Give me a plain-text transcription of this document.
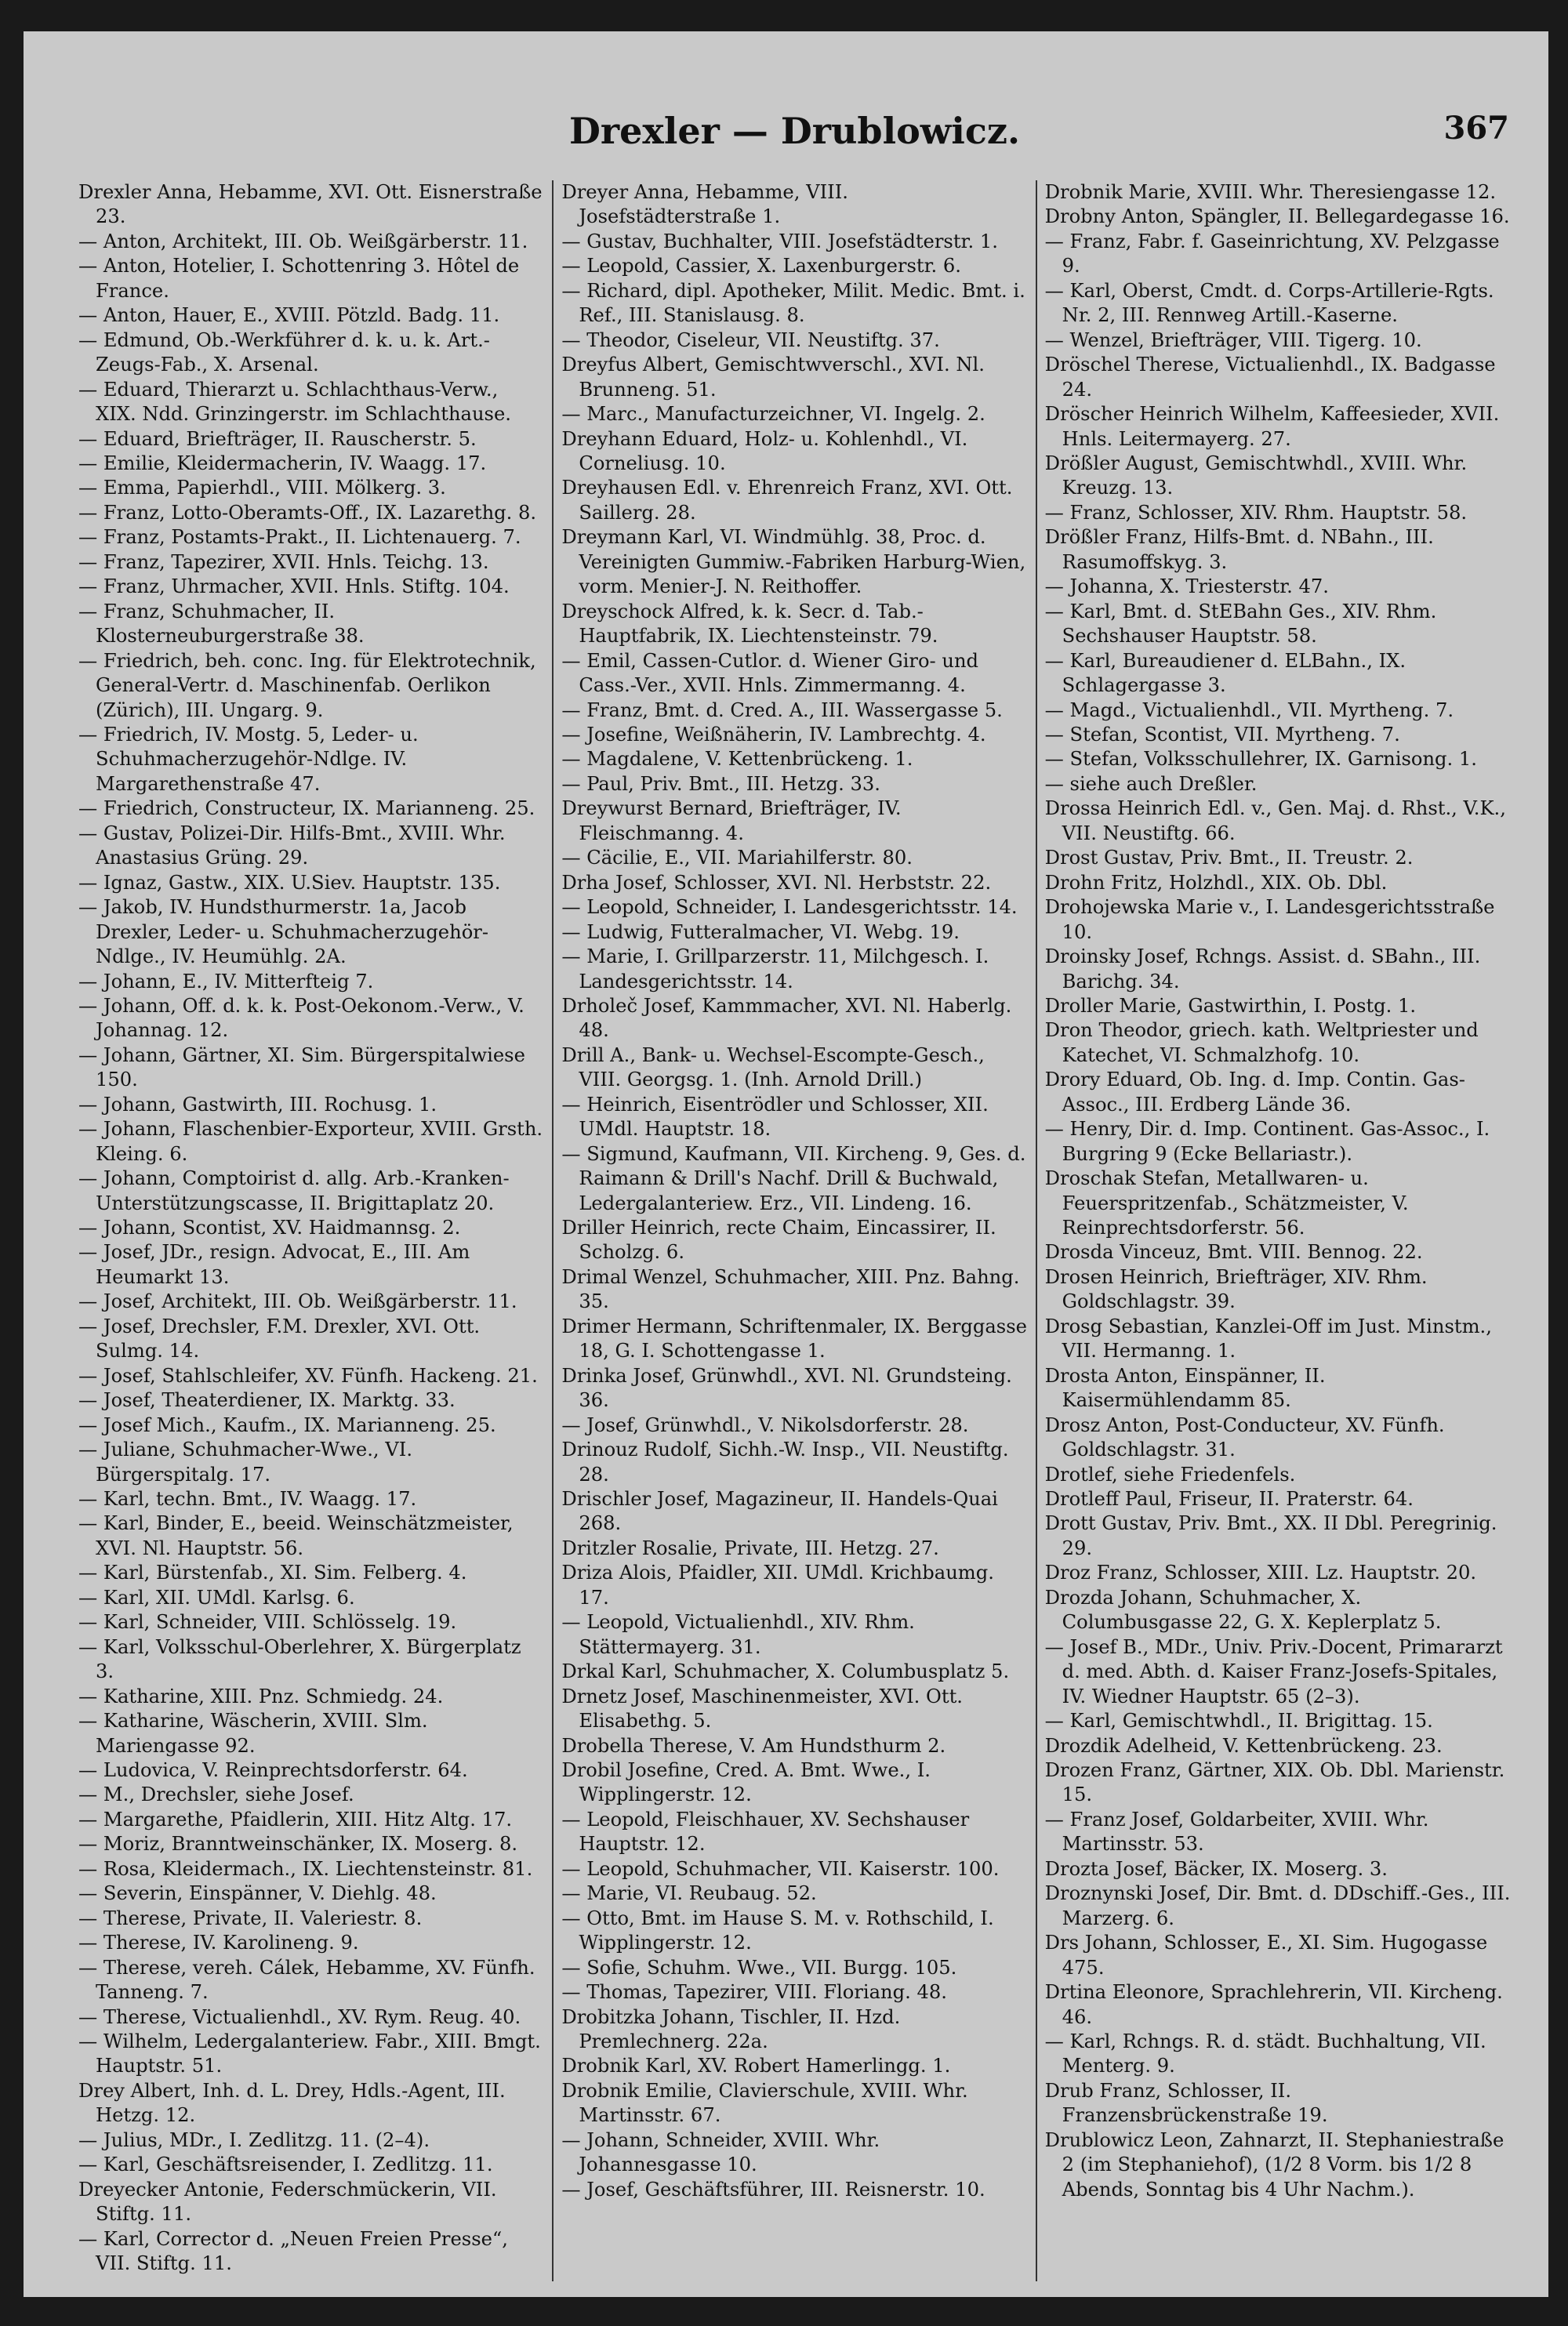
Drexler — Drublowicz.	367

Drexler Anna, Hebamme, XVI. Ott. Eisnerstraße 23.

— Anton, Architekt, III. Ob. Weißgärberstr. 11.

— Anton, Hotelier, I. Schottenring 3. Hôtel de France.

— Anton, Hauer, E., XVIII. Pötzld. Badg. 11.

— Edmund, Ob.-Werkführer d. k. u. k. Art.-Zeugs-Fab., X. Arsenal.

— Eduard, Thierarzt u. Schlachthaus-Verw., XIX. Ndd. Grinzingerstr. im Schlachthause.

— Eduard, Briefträger, II. Rauscherstr. 5.

— Emilie, Kleidermacherin, IV. Waagg. 17.

— Emma, Papierhdl., VIII. Mölkerg. 3.

— Franz, Lotto-Oberamts-Off., IX. Lazarethg. 8.

— Franz, Postamts-Prakt., II. Lichtenauerg. 7.

— Franz, Tapezirer, XVII. Hnls. Teichg. 13.

— Franz, Uhrmacher, XVII. Hnls. Stiftg. 104.

— Franz, Schuhmacher, II. Klosterneuburgerstraße 38.

— Friedrich, beh. conc. Ing. für Elektrotechnik, General-Vertr. d. Maschinenfab. Oerlikon (Zürich), III. Ungarg. 9.

— Friedrich, IV. Mostg. 5, Leder- u. Schuhmacherzugehör-Ndlge. IV. Margarethenstraße 47.

— Friedrich, Constructeur, IX. Marianneng. 25.

— Gustav, Polizei-Dir. Hilfs-Bmt., XVIII. Whr. Anastasius Grüng. 29.

— Ignaz, Gastw., XIX. U.Siev. Hauptstr. 135.

— Jakob, IV. Hundsthurmerstr. 1a, Jacob Drexler, Leder- u. Schuhmacherzugehör-Ndlge., IV. Heumühlg. 2A.

— Johann, E., IV. Mitterfteig 7.

— Johann, Off. d. k. k. Post-Oekonom.-Verw., V. Johannag. 12.

— Johann, Gärtner, XI. Sim. Bürgerspitalwiese 150.

— Johann, Gastwirth, III. Rochusg. 1.

— Johann, Flaschenbier-Exporteur, XVIII. Grsth. Kleing. 6.

— Johann, Comptoirist d. allg. Arb.-Kranken-Unterstützungscasse, II. Brigittaplatz 20.

— Johann, Scontist, XV. Haidmannsg. 2.

— Josef, JDr., resign. Advocat, E., III. Am Heumarkt 13.

— Josef, Architekt, III. Ob. Weißgärberstr. 11.

— Josef, Drechsler, F.M. Drexler, XVI. Ott. Sulmg. 14.

— Josef, Stahlschleifer, XV. Fünfh. Hackeng. 21.

— Josef, Theaterdiener, IX. Marktg. 33.

— Josef Mich., Kaufm., IX. Marianneng. 25.

— Juliane, Schuhmacher-Wwe., VI. Bürgerspitalg. 17.

— Karl, techn. Bmt., IV. Waagg. 17.

— Karl, Binder, E., beeid. Weinschätzmeister, XVI. Nl. Hauptstr. 56.

— Karl, Bürstenfab., XI. Sim. Felberg. 4.

— Karl, XII. UMdl. Karlsg. 6.

— Karl, Schneider, VIII. Schlösselg. 19.

— Karl, Volksschul-Oberlehrer, X. Bürgerplatz 3.

— Katharine, XIII. Pnz. Schmiedg. 24.

— Katharine, Wäscherin, XVIII. Slm. Mariengasse 92.

— Ludovica, V. Reinprechtsdorferstr. 64.

— M., Drechsler, siehe Josef.

— Margarethe, Pfaidlerin, XIII. Hitz Altg. 17.

— Moriz, Branntweinschänker, IX. Moserg. 8.

— Rosa, Kleidermach., IX. Liechtensteinstr. 81.

— Severin, Einspänner, V. Diehlg. 48.

— Therese, Private, II. Valeriestr. 8.

— Therese, IV. Karolineng. 9.

— Therese, vereh. Cálek, Hebamme, XV. Fünfh. Tanneng. 7.

— Therese, Victualienhdl., XV. Rym. Reug. 40.

— Wilhelm, Ledergalanteriew. Fabr., XIII. Bmgt. Hauptstr. 51.

Drey Albert, Inh. d. L. Drey, Hdls.-Agent, III. Hetzg. 12.

— Julius, MDr., I. Zedlitzg. 11. (2–4).

— Karl, Geschäftsreisender, I. Zedlitzg. 11.

Dreyecker Antonie, Federschmückerin, VII. Stiftg. 11.

— Karl, Corrector d. „Neuen Freien Presse“, VII. Stiftg. 11.

Dreyer Anna, Hebamme, VIII. Josefstädterstraße 1.

— Gustav, Buchhalter, VIII. Josefstädterstr. 1.

— Leopold, Cassier, X. Laxenburgerstr. 6.

— Richard, dipl. Apotheker, Milit. Medic. Bmt. i. Ref., III. Stanislausg. 8.

— Theodor, Ciseleur, VII. Neustiftg. 37.

Dreyfus Albert, Gemischtwverschl., XVI. Nl. Brunneng. 51.

— Marc., Manufacturzeichner, VI. Ingelg. 2.

Dreyhann Eduard, Holz- u. Kohlenhdl., VI. Corneliusg. 10.

Dreyhausen Edl. v. Ehrenreich Franz, XVI. Ott. Saillerg. 28.

Dreymann Karl, VI. Windmühlg. 38, Proc. d. Vereinigten Gummiw.-Fabriken Harburg-Wien, vorm. Menier-J. N. Reithoffer.

Dreyschock Alfred, k. k. Secr. d. Tab.-Hauptfabrik, IX. Liechtensteinstr. 79.

— Emil, Cassen-Cutlor. d. Wiener Giro- und Cass.-Ver., XVII. Hnls. Zimmermanng. 4.

— Franz, Bmt. d. Cred. A., III. Wassergasse 5.

— Josefine, Weißnäherin, IV. Lambrechtg. 4.

— Magdalene, V. Kettenbrückeng. 1.

— Paul, Priv. Bmt., III. Hetzg. 33.

Dreywurst Bernard, Briefträger, IV. Fleischmanng. 4.

— Cäcilie, E., VII. Mariahilferstr. 80.

Drha Josef, Schlosser, XVI. Nl. Herbststr. 22.

— Leopold, Schneider, I. Landesgerichtsstr. 14.

— Ludwig, Futteralmacher, VI. Webg. 19.

— Marie, I. Grillparzerstr. 11, Milchgesch. I. Landesgerichtsstr. 14.

Drholeč Josef, Kammmacher, XVI. Nl. Haberlg. 48.

Drill A., Bank- u. Wechsel-Escompte-Gesch., VIII. Georgsg. 1. (Inh. Arnold Drill.)

— Heinrich, Eisentrödler und Schlosser, XII. UMdl. Hauptstr. 18.

— Sigmund, Kaufmann, VII. Kircheng. 9, Ges. d. Raimann & Drill's Nachf. Drill & Buchwald, Ledergalanteriew. Erz., VII. Lindeng. 16.

Driller Heinrich, recte Chaim, Eincassirer, II. Scholzg. 6.

Drimal Wenzel, Schuhmacher, XIII. Pnz. Bahng. 35.

Drimer Hermann, Schriftenmaler, IX. Berggasse 18, G. I. Schottengasse 1.

Drinka Josef, Grünwhdl., XVI. Nl. Grundsteing. 36.

— Josef, Grünwhdl., V. Nikolsdorferstr. 28.

Drinouz Rudolf, Sichh.-W. Insp., VII. Neustiftg. 28.

Drischler Josef, Magazineur, II. Handels-Quai 268.

Dritzler Rosalie, Private, III. Hetzg. 27.

Driza Alois, Pfaidler, XII. UMdl. Krichbaumg. 17.

— Leopold, Victualienhdl., XIV. Rhm. Stättermayerg. 31.

Drkal Karl, Schuhmacher, X. Columbusplatz 5.

Drnetz Josef, Maschinenmeister, XVI. Ott. Elisabethg. 5.

Drobella Therese, V. Am Hundsthurm 2.

Drobil Josefine, Cred. A. Bmt. Wwe., I. Wipplingerstr. 12.

— Leopold, Fleischhauer, XV. Sechshauser Hauptstr. 12.

— Leopold, Schuhmacher, VII. Kaiserstr. 100.

— Marie, VI. Reubaug. 52.

— Otto, Bmt. im Hause S. M. v. Rothschild, I. Wipplingerstr. 12.

— Sofie, Schuhm. Wwe., VII. Burgg. 105.

— Thomas, Tapezirer, VIII. Floriang. 48.

Drobitzka Johann, Tischler, II. Hzd. Premlechnerg. 22a.

Drobnik Karl, XV. Robert Hamerlingg. 1.

Drobnik Emilie, Clavierschule, XVIII. Whr. Martinsstr. 67.

— Johann, Schneider, XVIII. Whr. Johannesgasse 10.

— Josef, Geschäftsführer, III. Reisnerstr. 10.

Drobnik Marie, XVIII. Whr. Theresiengasse 12.

Drobny Anton, Spängler, II. Bellegardegasse 16.

— Franz, Fabr. f. Gaseinrichtung, XV. Pelzgasse 9.

— Karl, Oberst, Cmdt. d. Corps-Artillerie-Rgts. Nr. 2, III. Rennweg Artill.-Kaserne.

— Wenzel, Briefträger, VIII. Tigerg. 10.

Dröschel Therese, Victualienhdl., IX. Badgasse 24.

Dröscher Heinrich Wilhelm, Kaffeesieder, XVII. Hnls. Leitermayerg. 27.

Drößler August, Gemischtwhdl., XVIII. Whr. Kreuzg. 13.

— Franz, Schlosser, XIV. Rhm. Hauptstr. 58.

Drößler Franz, Hilfs-Bmt. d. NBahn., III. Rasumoffskyg. 3.

— Johanna, X. Triesterstr. 47.

— Karl, Bmt. d. StEBahn Ges., XIV. Rhm. Sechshauser Hauptstr. 58.

— Karl, Bureaudiener d. ELBahn., IX. Schlagergasse 3.

— Magd., Victualienhdl., VII. Myrtheng. 7.

— Stefan, Scontist, VII. Myrtheng. 7.

— Stefan, Volksschullehrer, IX. Garnisong. 1.

— siehe auch Dreßler.

Drossa Heinrich Edl. v., Gen. Maj. d. Rhst., V.K., VII. Neustiftg. 66.

Drost Gustav, Priv. Bmt., II. Treustr. 2.

Drohn Fritz, Holzhdl., XIX. Ob. Dbl.

Drohojewska Marie v., I. Landesgerichtsstraße 10.

Droinsky Josef, Rchngs. Assist. d. SBahn., III. Barichg. 34.

Droller Marie, Gastwirthin, I. Postg. 1.

Dron Theodor, griech. kath. Weltpriester und Katechet, VI. Schmalzhofg. 10.

Drory Eduard, Ob. Ing. d. Imp. Contin. Gas-Assoc., III. Erdberg Lände 36.

— Henry, Dir. d. Imp. Continent. Gas-Assoc., I. Burgring 9 (Ecke Bellariastr.).

Droschak Stefan, Metallwaren- u. Feuerspritzenfab., Schätzmeister, V. Reinprechtsdorferstr. 56.

Drosda Vinceuz, Bmt. VIII. Bennog. 22.

Drosen Heinrich, Briefträger, XIV. Rhm. Goldschlagstr. 39.

Drosg Sebastian, Kanzlei-Off im Just. Minstm., VII. Hermanng. 1.

Drosta Anton, Einspänner, II. Kaisermühlendamm 85.

Drosz Anton, Post-Conducteur, XV. Fünfh. Goldschlagstr. 31.

Drotlef, siehe Friedenfels.

Drotleff Paul, Friseur, II. Praterstr. 64.

Drott Gustav, Priv. Bmt., XX. II Dbl. Peregrinig. 29.

Droz Franz, Schlosser, XIII. Lz. Hauptstr. 20.

Drozda Johann, Schuhmacher, X. Columbusgasse 22, G. X. Keplerplatz 5.

— Josef B., MDr., Univ. Priv.-Docent, Primararzt d. med. Abth. d. Kaiser Franz-Josefs-Spitales, IV. Wiedner Hauptstr. 65 (2–3).

— Karl, Gemischtwhdl., II. Brigittag. 15.

Drozdik Adelheid, V. Kettenbrückeng. 23.

Drozen Franz, Gärtner, XIX. Ob. Dbl. Marienstr. 15.

— Franz Josef, Goldarbeiter, XVIII. Whr. Martinsstr. 53.

Drozta Josef, Bäcker, IX. Moserg. 3.

Droznynski Josef, Dir. Bmt. d. DDschiff.-Ges., III. Marzerg. 6.

Drs Johann, Schlosser, E., XI. Sim. Hugogasse 475.

Drtina Eleonore, Sprachlehrerin, VII. Kircheng. 46.

— Karl, Rchngs. R. d. städt. Buchhaltung, VII. Menterg. 9.

Drub Franz, Schlosser, II. Franzensbrückenstraße 19.

Drublowicz Leon, Zahnarzt, II. Stephaniestraße 2 (im Stephaniehof), (1/2 8 Vorm. bis 1/2 8 Abends, Sonntag bis 4 Uhr Nachm.).
